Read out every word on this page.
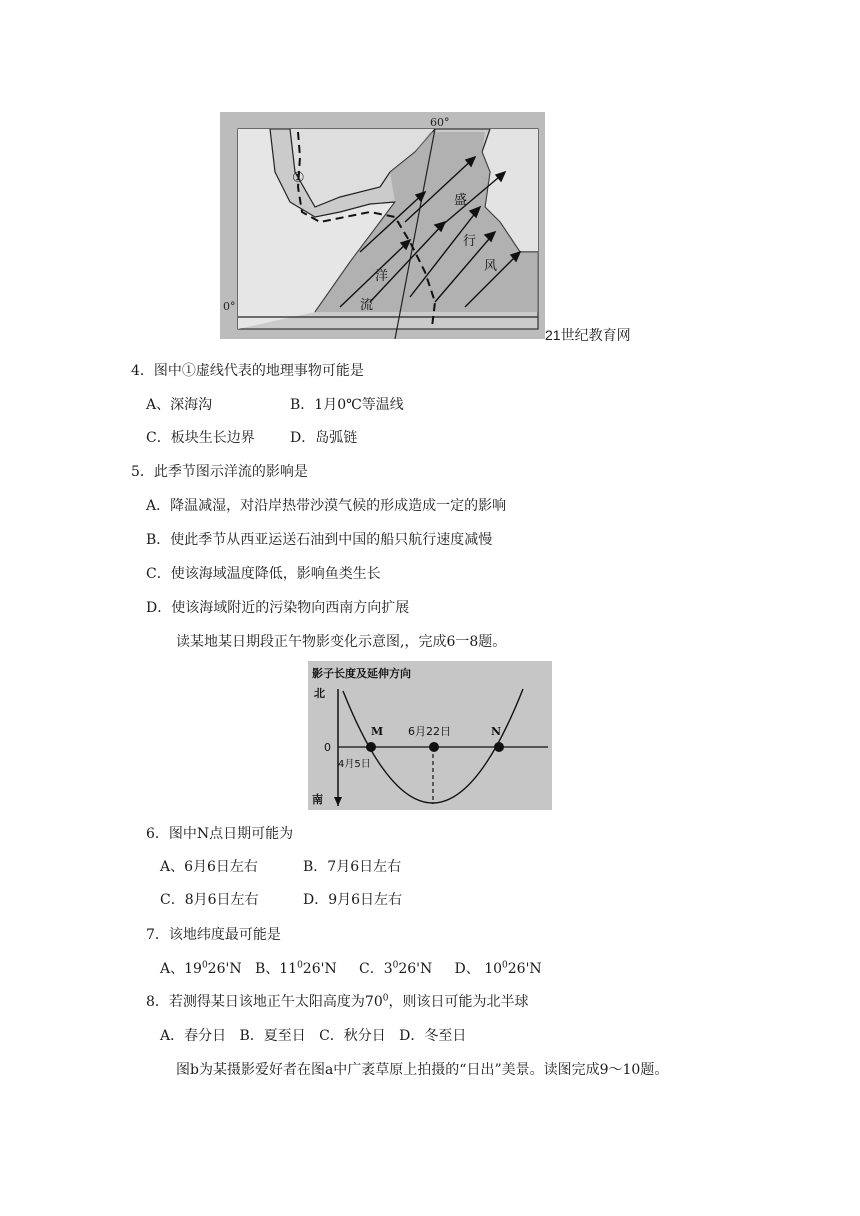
60°
0°
①
盛
行
风
洋
流
21世纪教育网
4．图中①虚线代表的地理事物可能是
A、深海沟	B．1月0℃等温线
C．板块生长边界	D．岛弧链
5．此季节图示洋流的影响是
A．降温减湿，对沿岸热带沙漠气候的形成造成一定的影响
B．使此季节从西亚运送石油到中国的船只航行速度减慢
C．使该海域温度降低，影响鱼类生长
D．使该海域附近的污染物向西南方向扩展
读某地某日期段正午物影变化示意图,，完成6一8题。
影子长度及延伸方向
北
南
0
M 6月22日	N
4月5日
6．图中N点日期可能为
A、6月6日左右	B．7月6日左右
C．8月6日左右	D．9月6日左右
7．该地纬度最可能是
A、$19^026'N$ B、$11^026'N$ C．$3^026'N$ D、 $10^026'N$
8．若测得某日该地正午太阳高度为$70^0$，则该日可能为北半球
A．春分日   B．夏至日   C．秋分日   D．冬至日
图b为某摄影爱好者在图a中广袤草原上拍摄的“日出”美景。读图完成9～10题。
